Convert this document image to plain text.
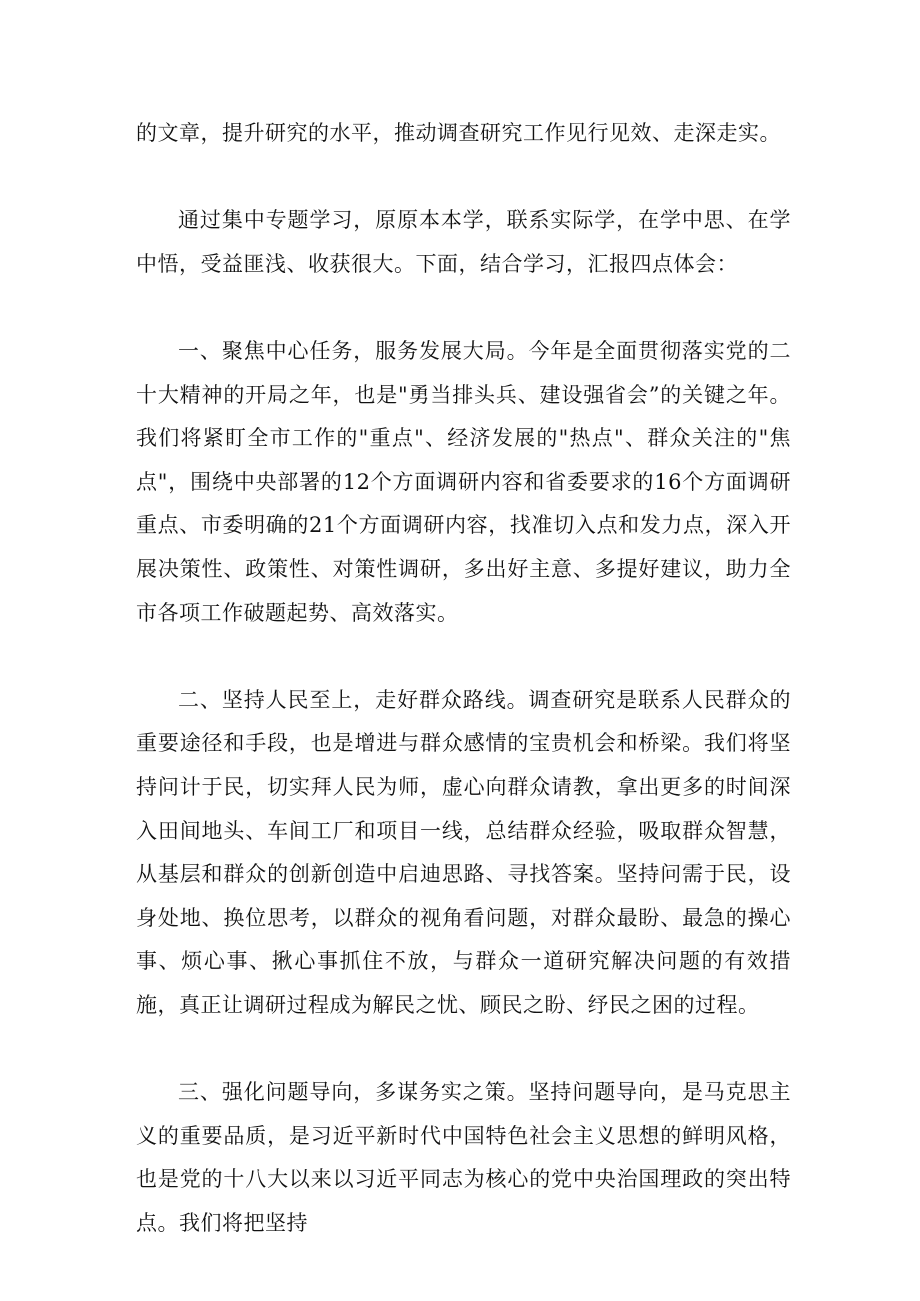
的文章，提升研究的水平，推动调查研究工作见行见效、走深走实。

通过集中专题学习，原原本本学，联系实际学，在学中思、在学中悟，受益匪浅、收获很大。下面，结合学习，汇报四点体会：

一、聚焦中心任务，服务发展大局。今年是全面贯彻落实党的二十大精神的开局之年，也是"勇当排头兵、建设强省会”的关键之年。我们将紧盯全市工作的"重点"、经济发展的"热点"、群众关注的"焦点"，围绕中央部署的12个方面调研内容和省委要求的16个方面调研重点、市委明确的21个方面调研内容，找准切入点和发力点，深入开展决策性、政策性、对策性调研，多出好主意、多提好建议，助力全市各项工作破题起势、高效落实。

二、坚持人民至上，走好群众路线。调查研究是联系人民群众的重要途径和手段，也是增进与群众感情的宝贵机会和桥梁。我们将坚持问计于民，切实拜人民为师，虚心向群众请教，拿出更多的时间深入田间地头、车间工厂和项目一线，总结群众经验，吸取群众智慧，从基层和群众的创新创造中启迪思路、寻找答案。坚持问需于民，设身处地、换位思考，以群众的视角看问题，对群众最盼、最急的操心事、烦心事、揪心事抓住不放，与群众一道研究解决问题的有效措施，真正让调研过程成为解民之忧、顾民之盼、纾民之困的过程。

三、强化问题导向，多谋务实之策。坚持问题导向，是马克思主义的重要品质，是习近平新时代中国特色社会主义思想的鲜明风格，也是党的十八大以来以习近平同志为核心的党中央治国理政的突出特点。我们将把坚持
